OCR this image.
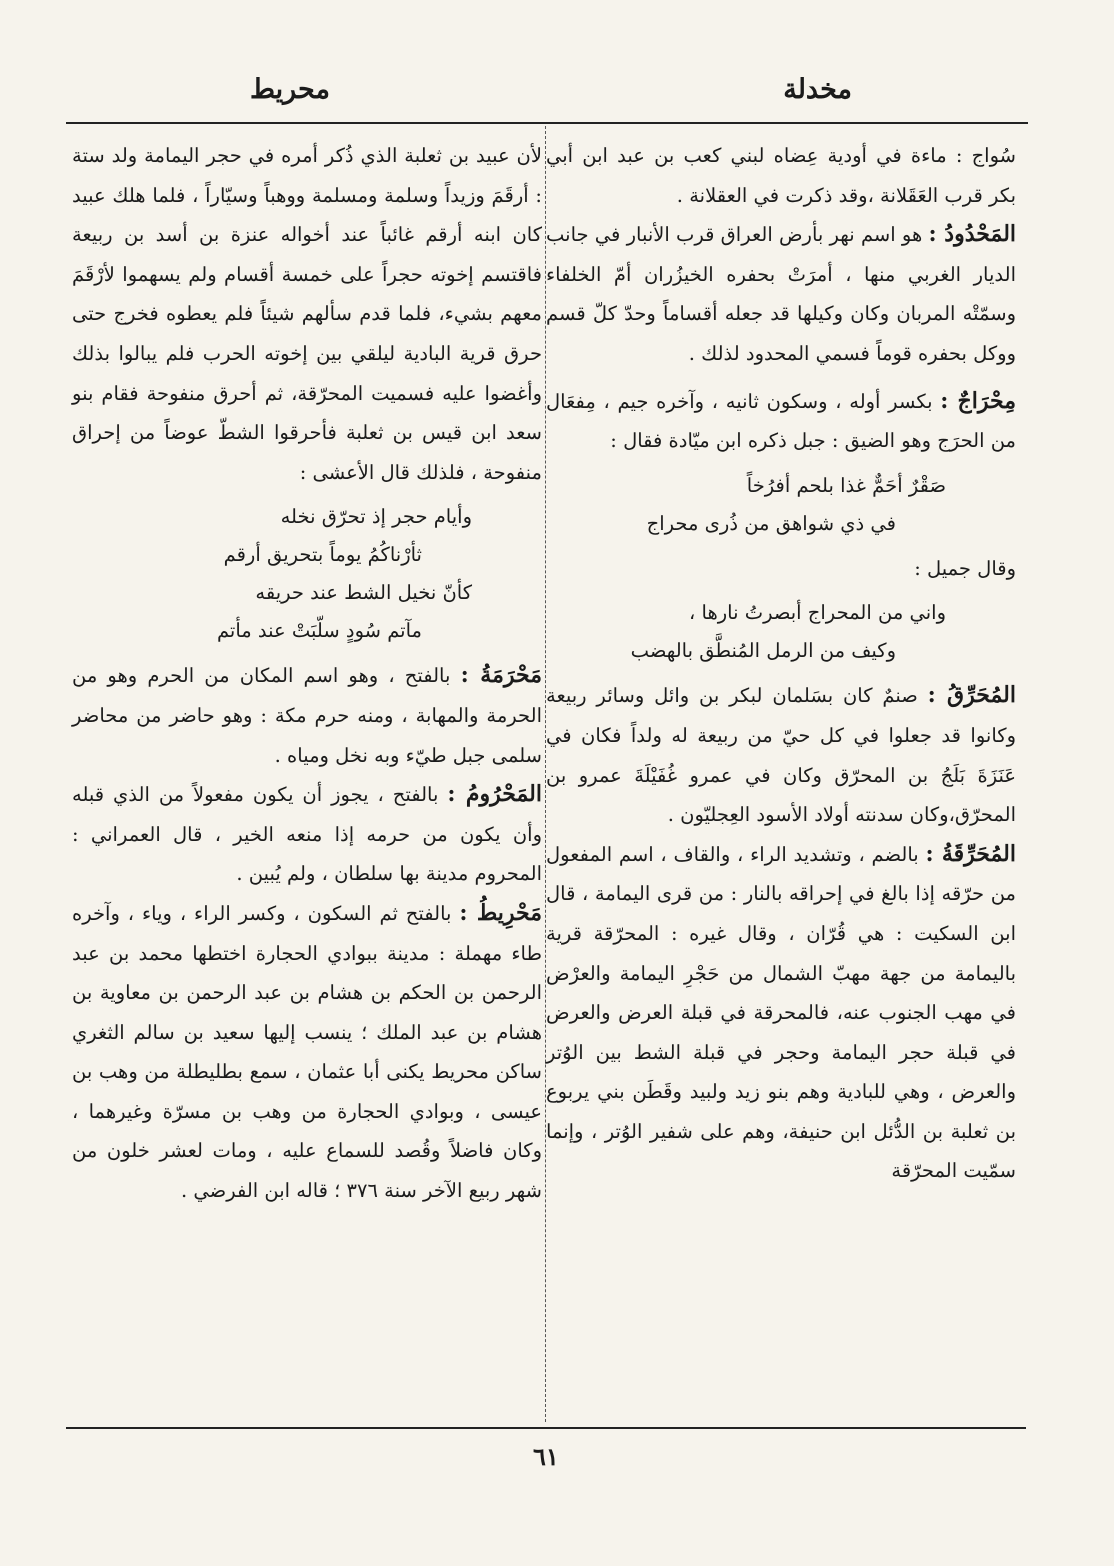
مخدلة
محريط

سُواج : ماءة في أودية عِضاه لبني كعب بن عبد ابن أبي بكر قرب العَقَلانة ،وقد ذكرت في العقلانة .

المَحْدُودُ : هو اسم نهر بأرض العراق قرب الأنبار في جانب الديار الغربي منها ، أمرَتْ بحفره الخيزُران أمّ الخلفاء وسمّتْه المربان وكان وكيلها قد جعله أقساماً وحدّ كلّ قسم ووكل بحفره قوماً فسمي المحدود لذلك .

مِحْرَاجٌ : بكسر أوله ، وسكون ثانيه ، وآخره جيم ، مِفعَال من الحرَج وهو الضيق : جبل ذكره ابن ميّادة فقال :

صَقْرٌ أحَمٌّ غذا بلحم أفرُخاً

في ذي شواهق من ذُرى محراج

وقال جميل :

واني من المحراج أبصرتُ نارها ،

وكيف من الرمل المُنطَّق بالهضب

المُحَرِّقُ : صنمٌ كان بسَلمان لبكر بن وائل وسائر ربيعة وكانوا قد جعلوا في كل حيّ من ربيعة له ولداً فكان في عَنَزَةَ بَلَجُ بن المحرّق وكان في عمرو غُفَيْلَةَ عمرو بن المحرّق،وكان سدنته أولاد الأسود العِجليّون .

المُحَرِّقَةُ : بالضم ، وتشديد الراء ، والقاف ، اسم المفعول من حرّقه إذا بالغ في إحراقه بالنار : من قرى اليمامة ، قال ابن السكيت : هي قُرّان ، وقال غيره : المحرّقة قرية باليمامة من جهة مهبّ الشمال من حَجْرِ اليمامة والعرْض في مهب الجنوب عنه، فالمحرقة في قبلة العرض والعرض في قبلة حجر اليمامة وحجر في قبلة الشط بين الوُتر والعرض ، وهي للبادية وهم بنو زيد ولبيد وقَطَن بني يربوع بن ثعلبة بن الدُّئل ابن حنيفة، وهم على شفير الوُتر ، وإنما سمّيت المحرّقة

لأن عبيد بن ثعلبة الذي ذُكر أمره في حجر اليمامة ولد ستة : أرقَمَ وزيداً وسلمة ومسلمة ووهباً وسيّاراً ، فلما هلك عبيد كان ابنه أرقم غائباً عند أخواله عنزة بن أسد بن ربيعة فاقتسم إخوته حجراً على خمسة أقسام ولم يسهموا لأرْقَمَ معهم بشيء، فلما قدم سألهم شيئاً فلم يعطوه فخرج حتى حرق قرية البادية ليلقي بين إخوته الحرب فلم يبالوا بذلك وأغضوا عليه فسميت المحرّقة، ثم أحرق منفوحة فقام بنو سعد ابن قيس بن ثعلبة فأحرقوا الشطّ عوضاً من إحراق منفوحة ، فلذلك قال الأعشى :

وأيام حجر إذ تحرّق نخله

ثأرْناكُمُ يوماً بتحريق أرقم

كأنّ نخيل الشط عند حريقه

مآتم سُودٍ سلّبَتْ عند مأتم

مَحْرَمَةُ : بالفتح ، وهو اسم المكان من الحرم وهو من الحرمة والمهابة ، ومنه حرم مكة : وهو حاضر من محاضر سلمى جبل طيّء وبه نخل ومياه .

المَحْرُومُ : بالفتح ، يجوز أن يكون مفعولاً من الذي قبله وأن يكون من حرمه إذا منعه الخير ، قال العمراني : المحروم مدينة بها سلطان ، ولم يُبين .

مَحْرِيطُ : بالفتح ثم السكون ، وكسر الراء ، وياء ، وآخره طاء مهملة : مدينة ببوادي الحجارة اختطها محمد بن عبد الرحمن بن الحكم بن هشام بن عبد الرحمن بن معاوية بن هشام بن عبد الملك ؛ ينسب إليها سعيد بن سالم الثغري ساكن محريط يكنى أبا عثمان ، سمع بطليطلة من وهب بن عيسى ، وبوادي الحجارة من وهب بن مسرّة وغيرهما ، وكان فاضلاً وقُصد للسماع عليه ، ومات لعشر خلون من شهر ربيع الآخر سنة ٣٧٦ ؛ قاله ابن الفرضي .

٦١
